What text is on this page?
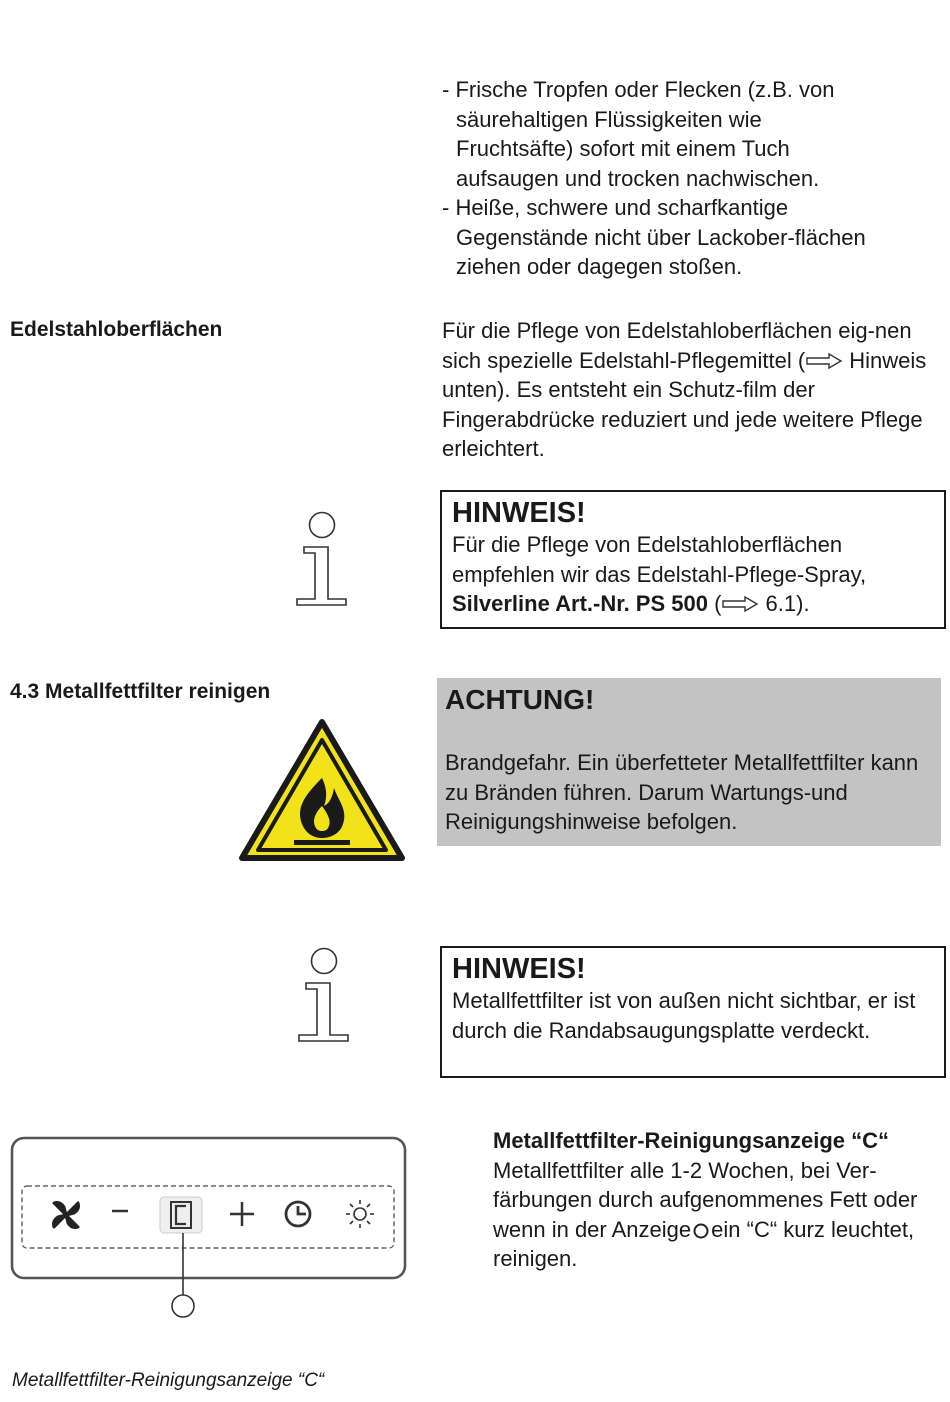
- Frische Tropfen oder Flecken (z.B. von säurehaltigen Flüssigkeiten wie Fruchtsäfte) sofort mit einem Tuch aufsaugen und trocken nachwischen.
- Heiße, schwere und scharfkantige Gegenstände nicht über Lackober-flächen ziehen oder dagegen stoßen.
Edelstahloberflächen	Für die Pflege von Edelstahloberflächen eig-nen sich spezielle Edelstahl-Pflegemittel ( Hinweis unten). Es entsteht ein Schutz-film der Fingerabdrücke reduziert und jede weitere Pflege erleichtert.
HINWEIS!
Für die Pflege von Edelstahloberflächen empfehlen wir das Edelstahl-Pflege-Spray, Silverline Art.-Nr. PS 500 ( 6.1).
4.3 Metallfettfilter reinigen	ACHTUNG!
Brandgefahr. Ein überfetteter Metallfettfilter kann zu Bränden führen. Darum Wartungs-und Reinigungshinweise befolgen.
HINWEIS!
Metallfettfilter ist von außen nicht sichtbar, er ist durch die Randabsaugungsplatte verdeckt.
Metallfettfilter-Reinigungsanzeige “C“
Metallfettfilter alle 1-2 Wochen, bei Ver-färbungen durch aufgenommenes Fett oder wenn in der Anzeige ein “C“ kurz leuchtet, reinigen.
Metallfettfilter-Reinigungsanzeige “C“
